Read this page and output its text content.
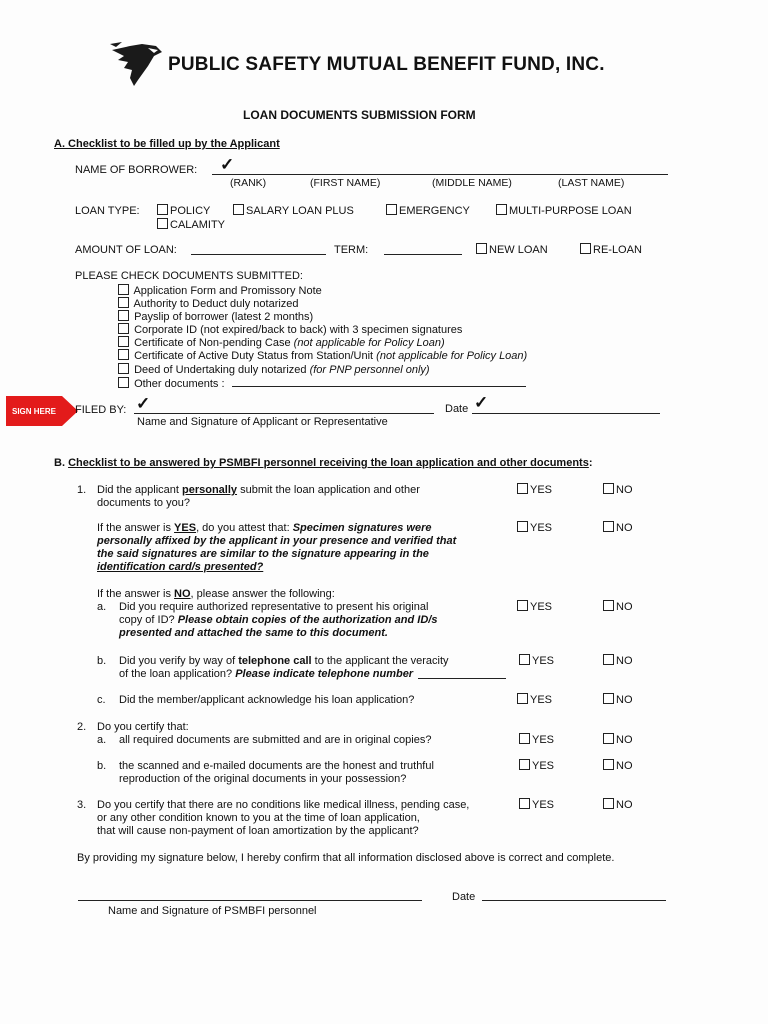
PUBLIC SAFETY MUTUAL BENEFIT FUND, INC.
LOAN DOCUMENTS SUBMISSION FORM
A. Checklist to be filled up by the Applicant
NAME OF BORROWER: ✓
(RANK)	(FIRST NAME)	(MIDDLE NAME)	(LAST NAME)
LOAN TYPE:	POLICY	SALARY LOAN PLUS	EMERGENCY	MULTI-PURPOSE LOAN
CALAMITY
AMOUNT OF LOAN:	TERM:	NEW LOAN	RE-LOAN
PLEASE CHECK DOCUMENTS SUBMITTED:
Application Form and Promissory Note
Authority to Deduct duly notarized
Payslip of borrower (latest 2 months)
Corporate ID (not expired/back to back) with 3 specimen signatures
Certificate of Non-pending Case (not applicable for Policy Loan)
Certificate of Active Duty Status from Station/Unit (not applicable for Policy Loan)
Deed of Undertaking duly notarized (for PNP personnel only)
Other documents :
SIGN HERE	FILED BY: ✓	Date ✓
Name and Signature of Applicant or Representative
B. Checklist to be answered by PSMBFI personnel receiving the loan application and other documents:
1. Did the applicant personally submit the loan application and other
documents to you?
YES	NO
If the answer is YES, do you attest that: Specimen signatures were
personally affixed by the applicant in your presence and verified that
the said signatures are similar to the signature appearing in the
identification card/s presented?
YES	NO
If the answer is NO, please answer the following:
a. Did you require authorized representative to present his original
copy of ID? Please obtain copies of the authorization and ID/s
presented and attached the same to this document.
YES	NO
b. Did you verify by way of telephone call to the applicant the veracity
of the loan application? Please indicate telephone number
YES	NO
c. Did the member/applicant acknowledge his loan application?	YES	NO
2. Do you certify that:
a. all required documents are submitted and are in original copies?	YES	NO
b. the scanned and e-mailed documents are the honest and truthful
reproduction of the original documents in your possession?
YES	NO
3. Do you certify that there are no conditions like medical illness, pending case,
or any other condition known to you at the time of loan application,
that will cause non-payment of loan amortization by the applicant?
YES	NO
By providing my signature below, I hereby confirm that all information disclosed above is correct and complete.
Date
Name and Signature of PSMBFI personnel
